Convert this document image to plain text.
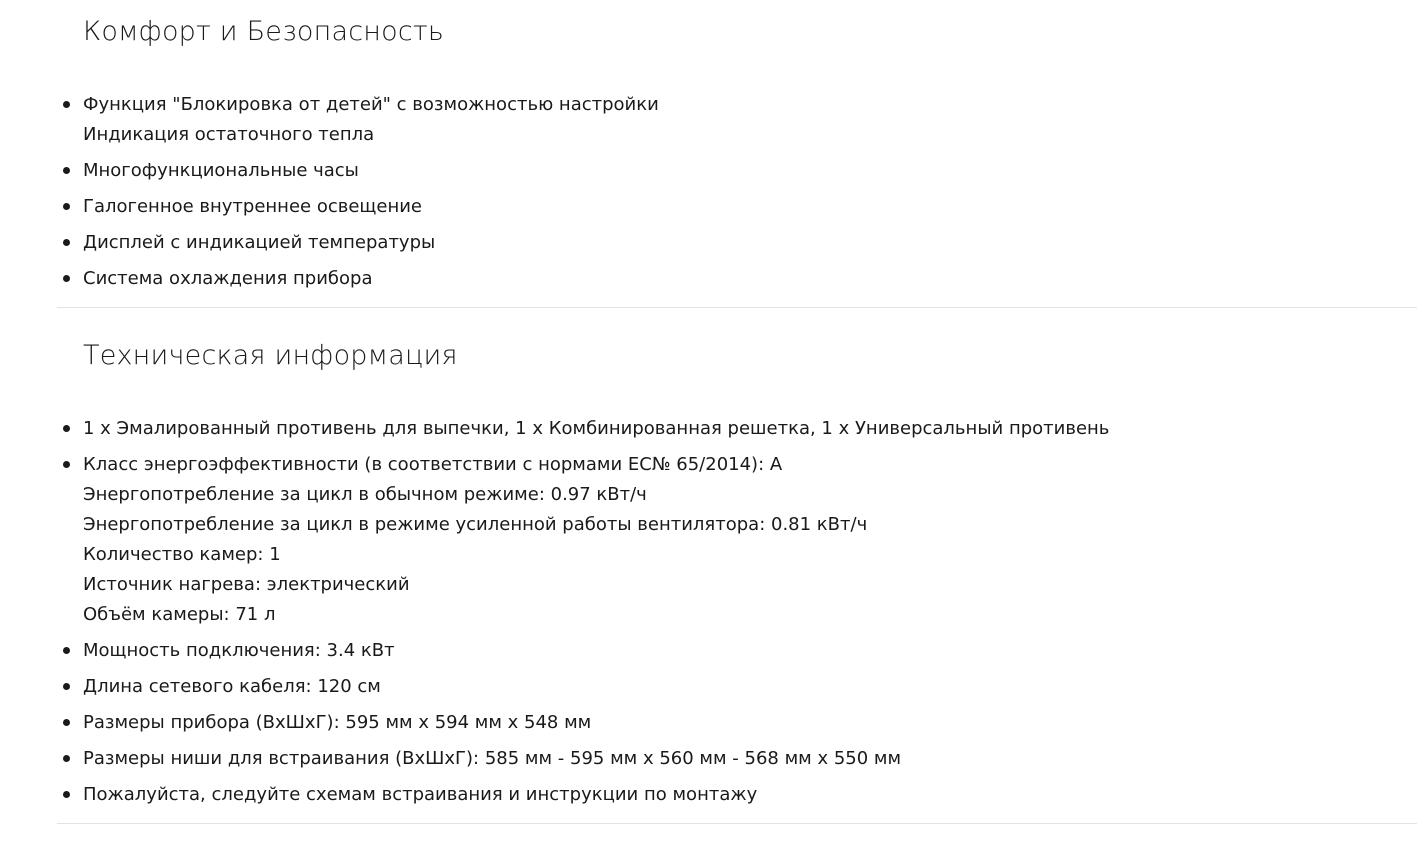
Комфорт и Безопасность
Функция "Блокировка от детей" с возможностью настройки
Индикация остаточного тепла
Многофункциональные часы
Галогенное внутреннее освещение
Дисплей с индикацией температуры
Система охлаждения прибора
Техническая информация
1 x Эмалированный противень для выпечки, 1 x Комбинированная решетка, 1 x Универсальный противень
Класс энергоэффективности (в соответствии с нормами EC№ 65/2014): A
Энергопотребление за цикл в обычном режиме: 0.97 кВт/ч
Энергопотребление за цикл в режиме усиленной работы вентилятора: 0.81 кВт/ч
Количество камер: 1
Источник нагрева: электрический
Объём камеры: 71 л
Мощность подключения: 3.4 кВт
Длина сетевого кабеля: 120 см
Размеры прибора (ВxШxГ): 595 мм x 594 мм x 548 мм
Размеры ниши для встраивания (ВxШxГ): 585 мм - 595 мм x 560 мм - 568 мм x 550 мм
Пожалуйста, следуйте схемам встраивания и инструкции по монтажу
